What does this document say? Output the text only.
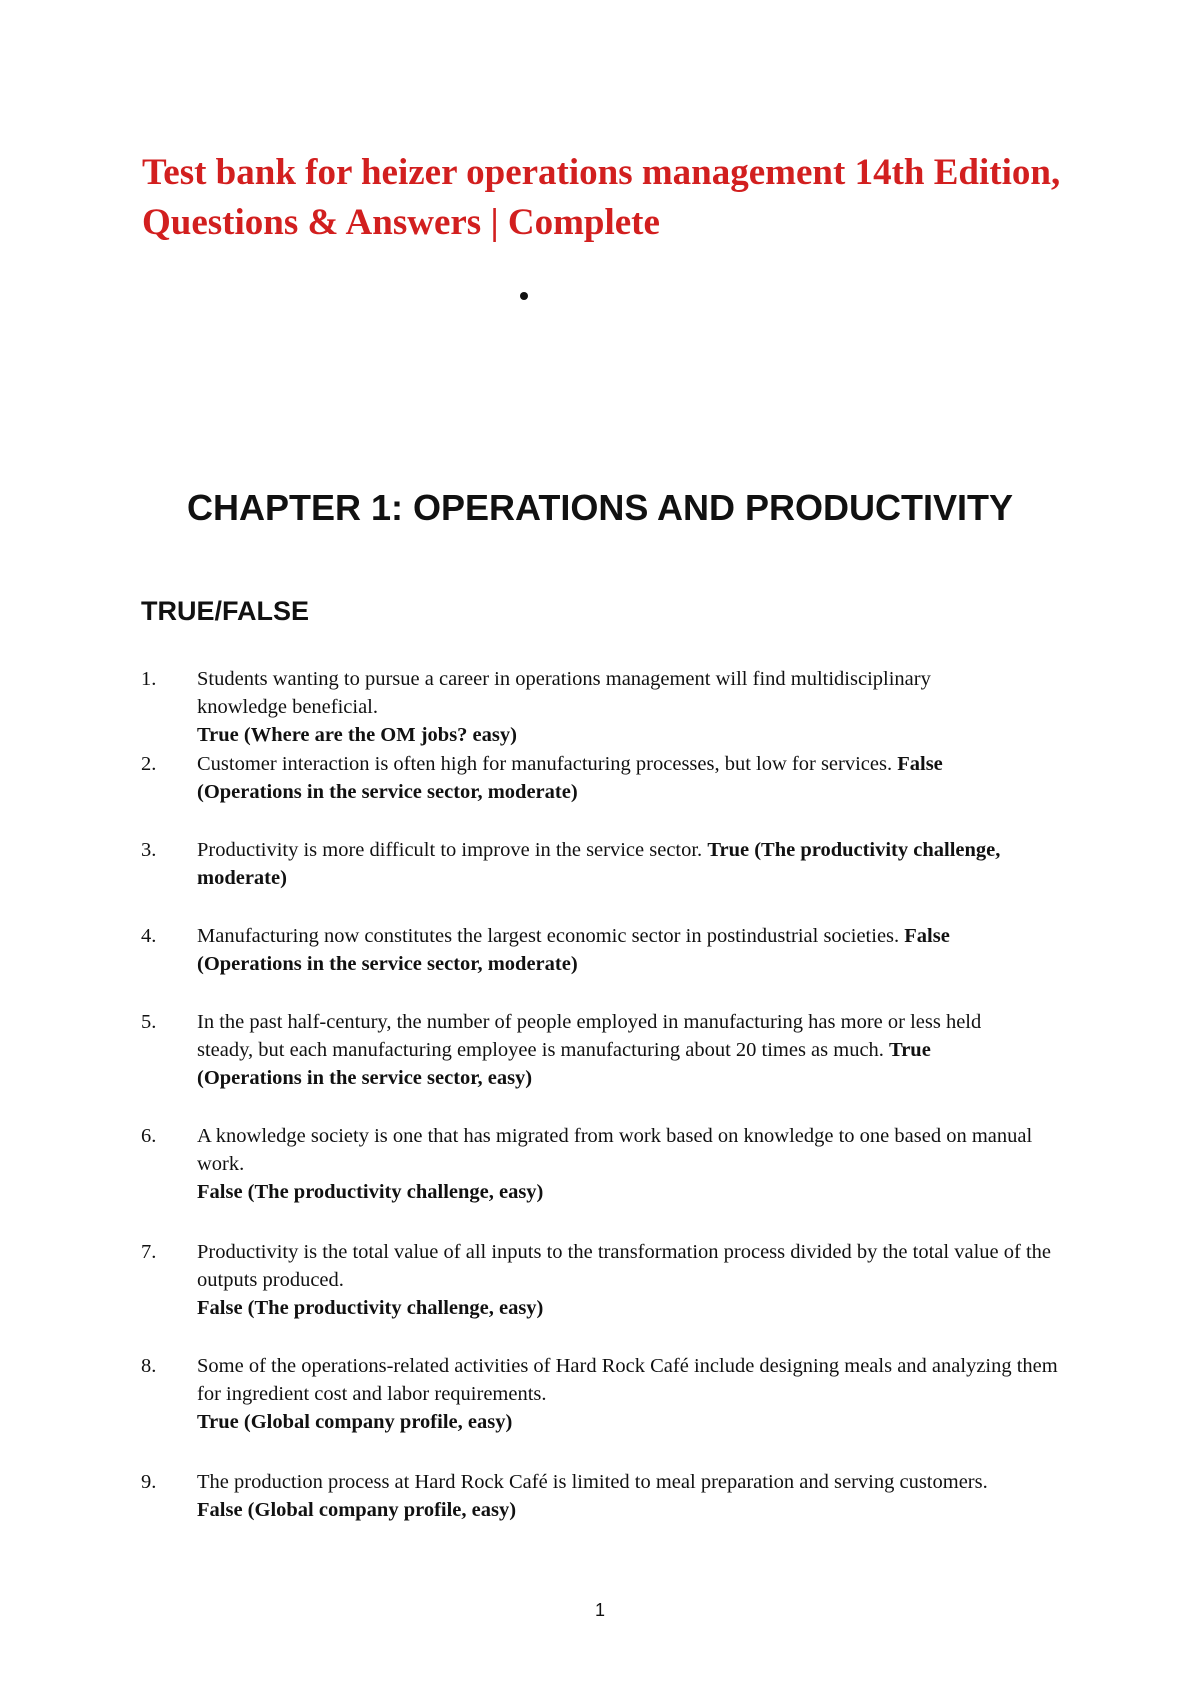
Test bank for heizer operations management 14th Edition,
Questions & Answers | Complete
CHAPTER 1: OPERATIONS AND PRODUCTIVITY
TRUE/FALSE
1. Students wanting to pursue a career in operations management will find multidisciplinary knowledge beneficial.
True (Where are the OM jobs? easy)
2. Customer interaction is often high for manufacturing processes, but low for services. False (Operations in the service sector, moderate)
3. Productivity is more difficult to improve in the service sector. True (The productivity challenge, moderate)
4. Manufacturing now constitutes the largest economic sector in postindustrial societies. False (Operations in the service sector, moderate)
5. In the past half-century, the number of people employed in manufacturing has more or less held steady, but each manufacturing employee is manufacturing about 20 times as much. True (Operations in the service sector, easy)
6. A knowledge society is one that has migrated from work based on knowledge to one based on manual work.
False (The productivity challenge, easy)
7. Productivity is the total value of all inputs to the transformation process divided by the total value of the outputs produced.
False (The productivity challenge, easy)
8. Some of the operations-related activities of Hard Rock Café include designing meals and analyzing them for ingredient cost and labor requirements.
True (Global company profile, easy)
9. The production process at Hard Rock Café is limited to meal preparation and serving customers.
False (Global company profile, easy)
1
